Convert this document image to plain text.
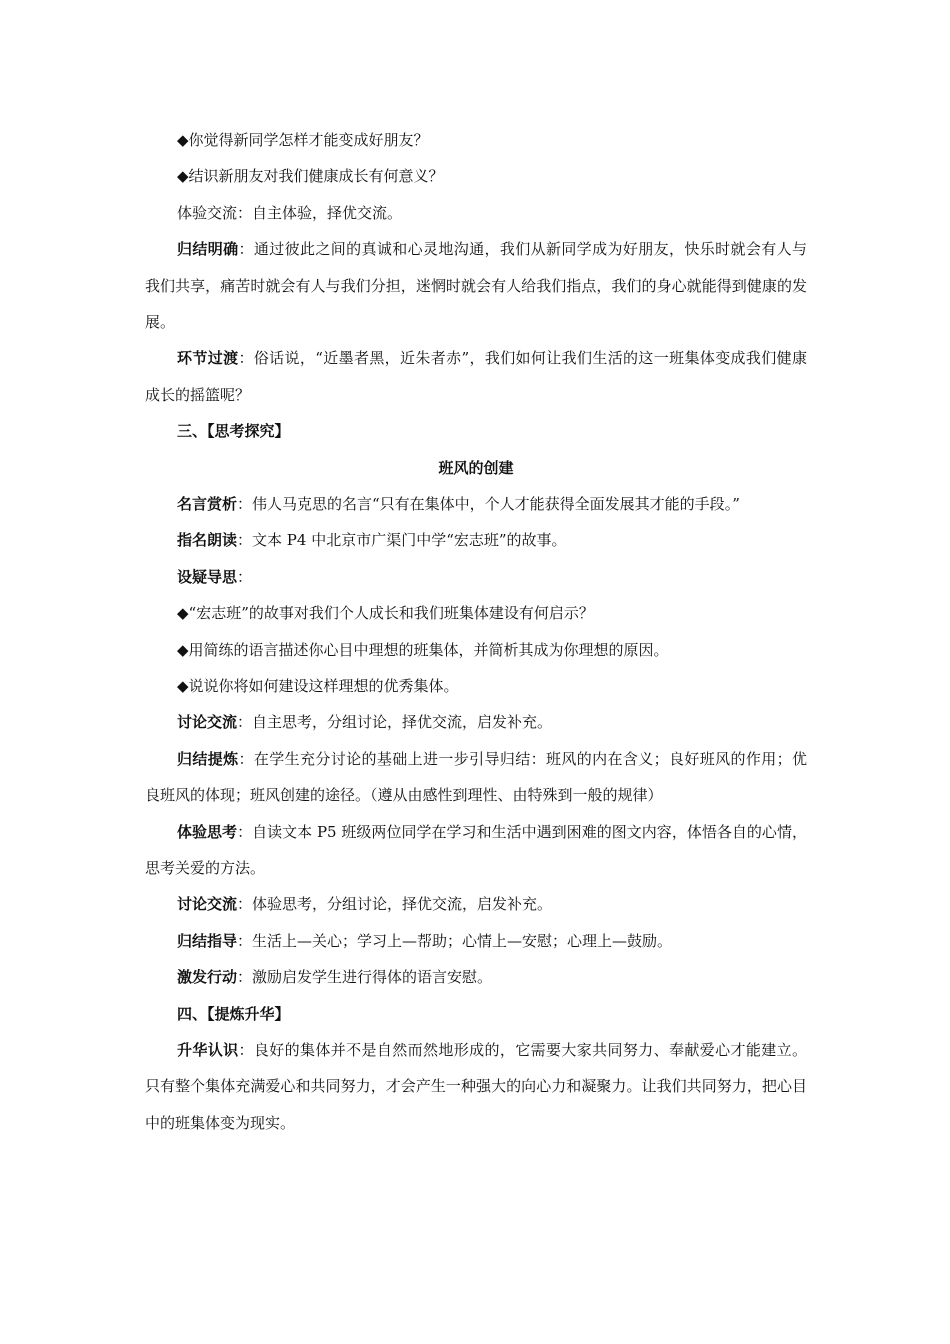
◆你觉得新同学怎样才能变成好朋友？
◆结识新朋友对我们健康成长有何意义？
体验交流：自主体验，择优交流。

归结明确：通过彼此之间的真诚和心灵地沟通，我们从新同学成为好朋友，快乐时就会有人与我们共享，痛苦时就会有人与我们分担，迷惘时就会有人给我们指点，我们的身心就能得到健康的发展。

环节过渡：俗话说，“近墨者黑，近朱者赤”，我们如何让我们生活的这一班集体变成我们健康成长的摇篮呢？

三、【思考探究】
班风的创建

名言赏析：伟人马克思的名言“只有在集体中，个人才能获得全面发展其才能的手段。”

指名朗读：文本 P4 中北京市广渠门中学“宏志班”的故事。
设疑导思：
◆“宏志班”的故事对我们个人成长和我们班集体建设有何启示？
◆用简练的语言描述你心目中理想的班集体，并简析其成为你理想的原因。
◆说说你将如何建设这样理想的优秀集体。
讨论交流：自主思考，分组讨论，择优交流，启发补充。

归结提炼：在学生充分讨论的基础上进一步引导归结：班风的内在含义；良好班风的作用；优良班风的体现；班风创建的途径。（遵从由感性到理性、由特殊到一般的规律）

体验思考：自读文本 P5 班级两位同学在学习和生活中遇到困难的图文内容，体悟各自的心情，思考关爱的方法。

讨论交流：体验思考，分组讨论，择优交流，启发补充。
归结指导：生活上—关心；学习上—帮助；心情上—安慰；心理上—鼓励。
激发行动：激励启发学生进行得体的语言安慰。
四、【提炼升华】

升华认识：良好的集体并不是自然而然地形成的，它需要大家共同努力、奉献爱心才能建立。只有整个集体充满爱心和共同努力，才会产生一种强大的向心力和凝聚力。让我们共同努力，把心目中的班集体变为现实。
